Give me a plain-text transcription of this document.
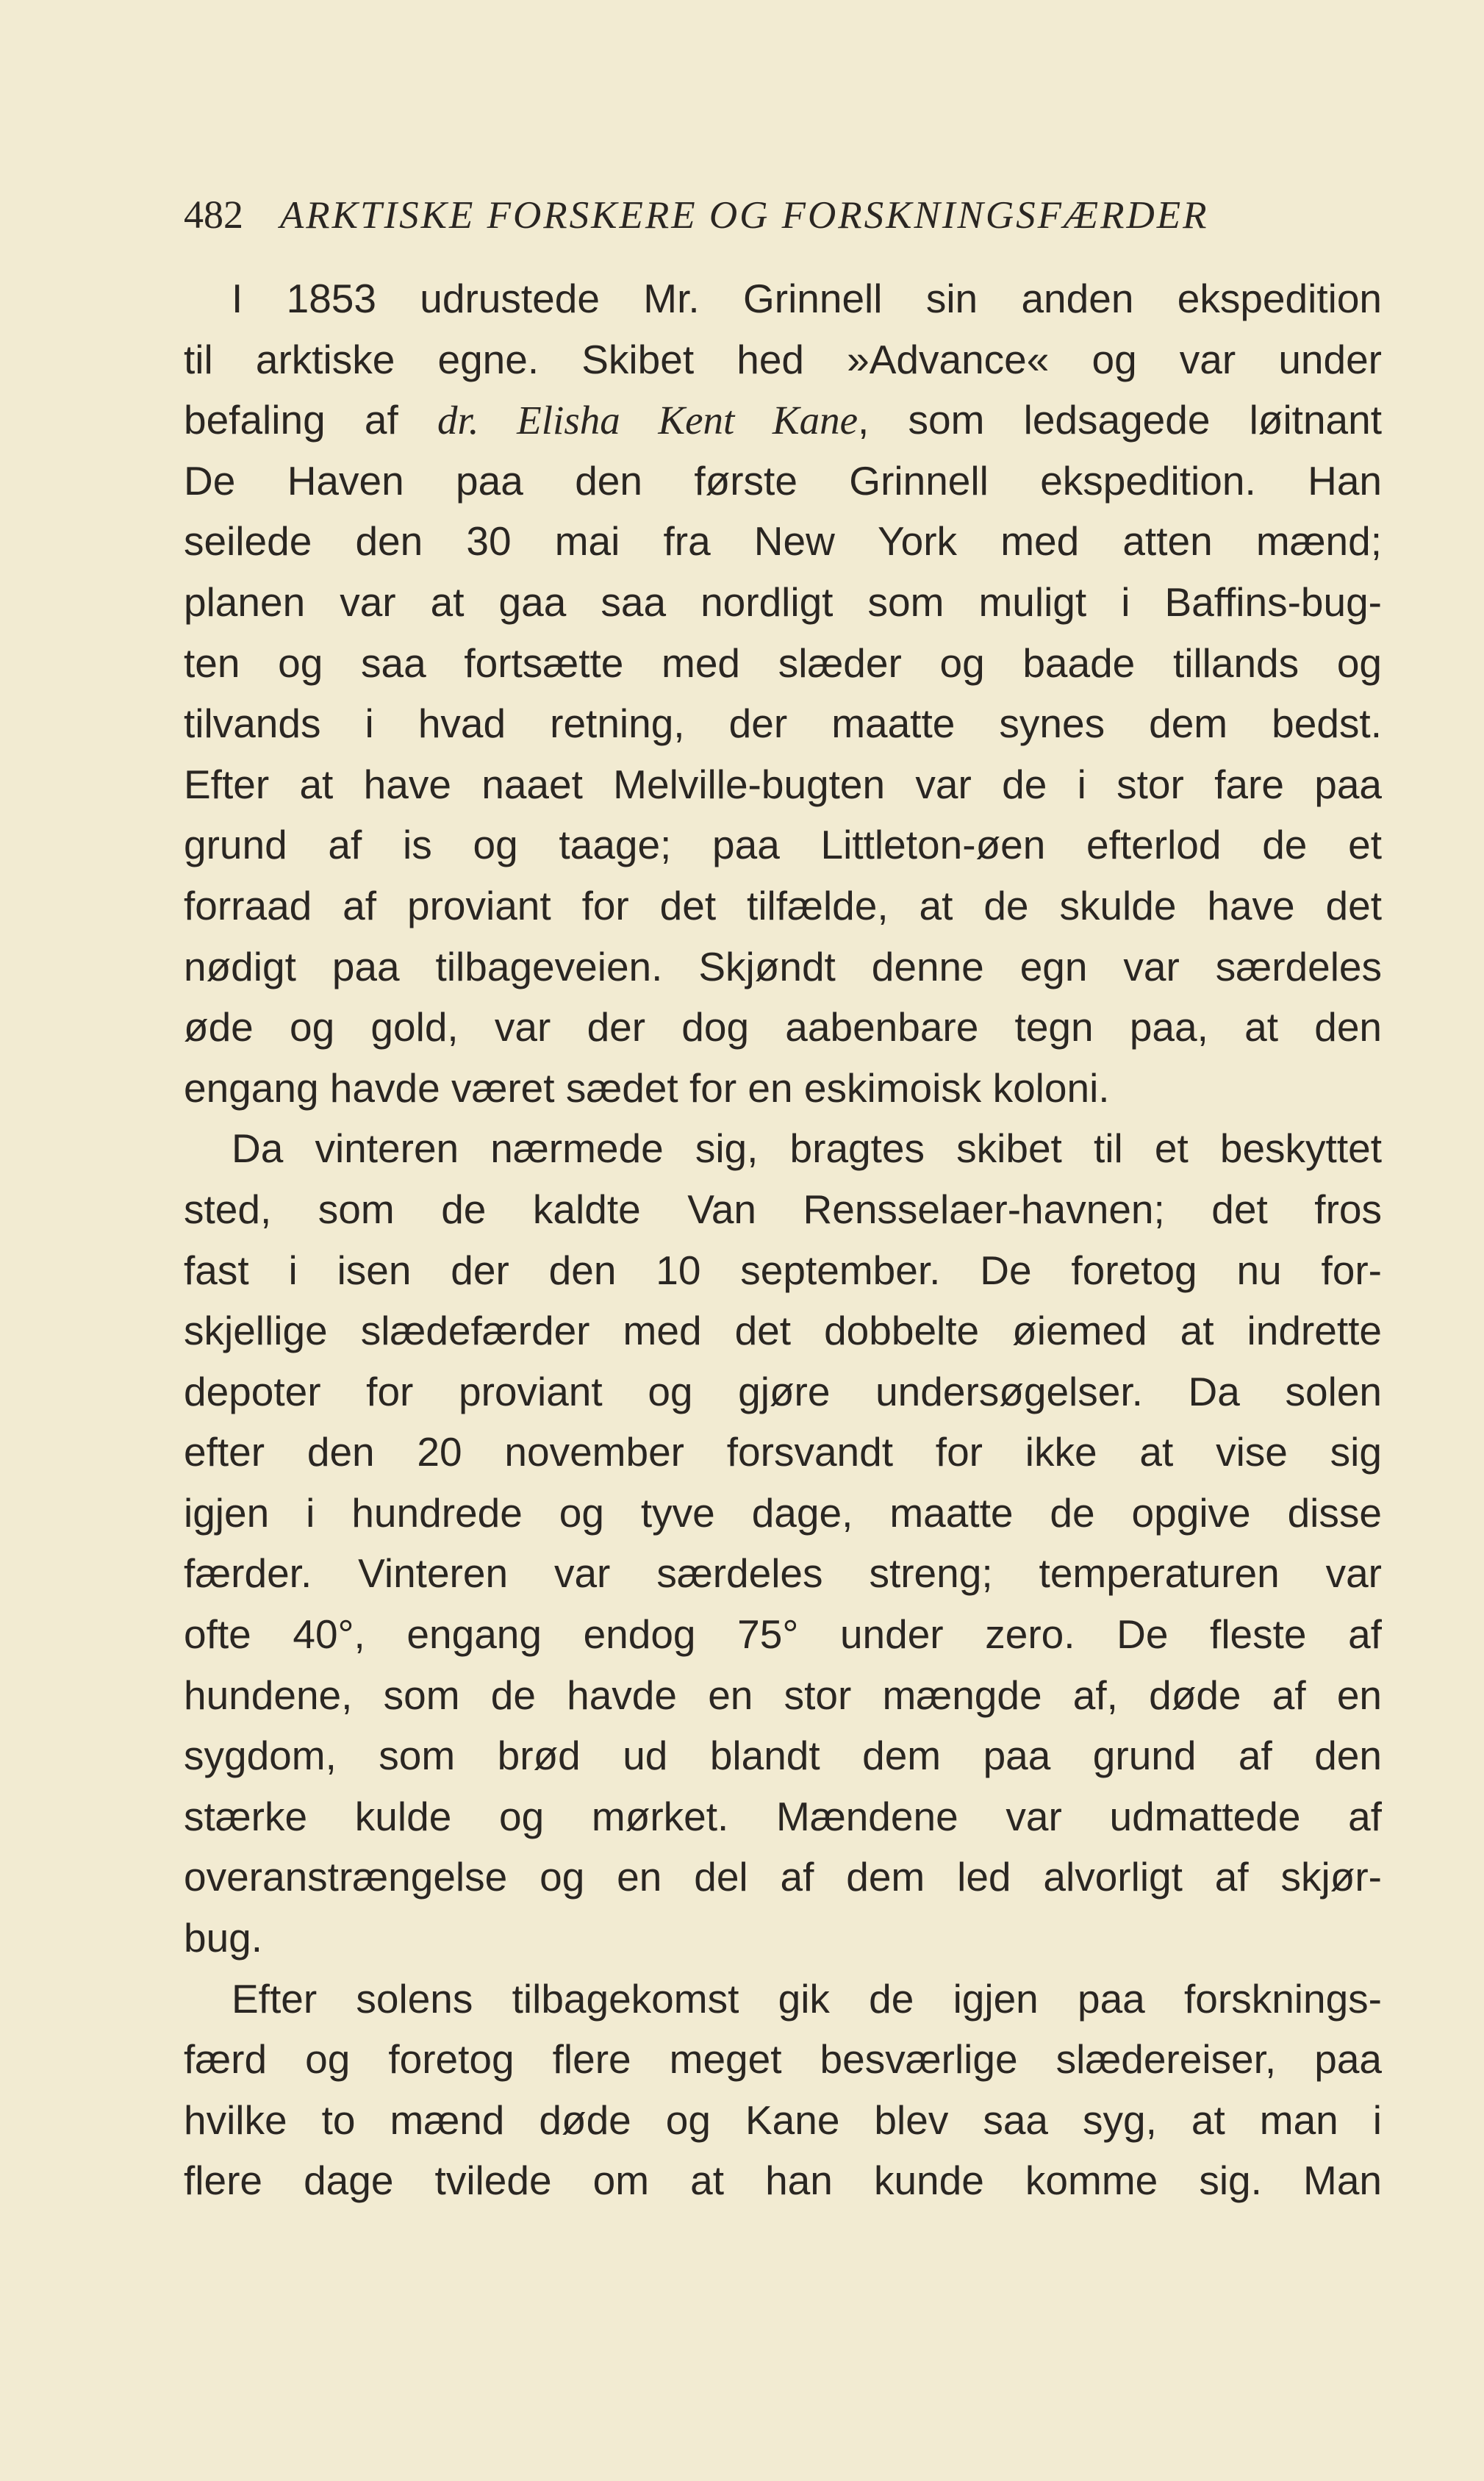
482 ARKTISKE FORSKERE OG FORSKNINGSFÆRDER
I 1853 udrustede Mr. Grinnell sin anden ekspedition
til arktiske egne. Skibet hed »Advance« og var under
befaling af dr. Elisha Kent Kane, som ledsagede løitnant
De Haven paa den første Grinnell ekspedition. Han
seilede den 30 mai fra New York med atten mænd;
planen var at gaa saa nordligt som muligt i Baffins-bug-
ten og saa fortsætte med slæder og baade tillands og
tilvands i hvad retning, der maatte synes dem bedst.
Efter at have naaet Melville-bugten var de i stor fare paa
grund af is og taage; paa Littleton-øen efterlod de et
forraad af proviant for det tilfælde, at de skulde have det
nødigt paa tilbageveien. Skjøndt denne egn var særdeles
øde og gold, var der dog aabenbare tegn paa, at den
engang havde været sædet for en eskimoisk koloni.
Da vinteren nærmede sig, bragtes skibet til et beskyttet
sted, som de kaldte Van Rensselaer-havnen; det fros
fast i isen der den 10 september. De foretog nu for-
skjellige slædefærder med det dobbelte øiemed at indrette
depoter for proviant og gjøre undersøgelser. Da solen
efter den 20 november forsvandt for ikke at vise sig
igjen i hundrede og tyve dage, maatte de opgive disse
færder. Vinteren var særdeles streng; temperaturen var
ofte 40°, engang endog 75° under zero. De fleste af
hundene, som de havde en stor mængde af, døde af en
sygdom, som brød ud blandt dem paa grund af den
stærke kulde og mørket. Mændene var udmattede af
overanstrængelse og en del af dem led alvorligt af skjør-
bug.
Efter solens tilbagekomst gik de igjen paa forsknings-
færd og foretog flere meget besværlige slædereiser, paa
hvilke to mænd døde og Kane blev saa syg, at man i
flere dage tvilede om at han kunde komme sig. Man
